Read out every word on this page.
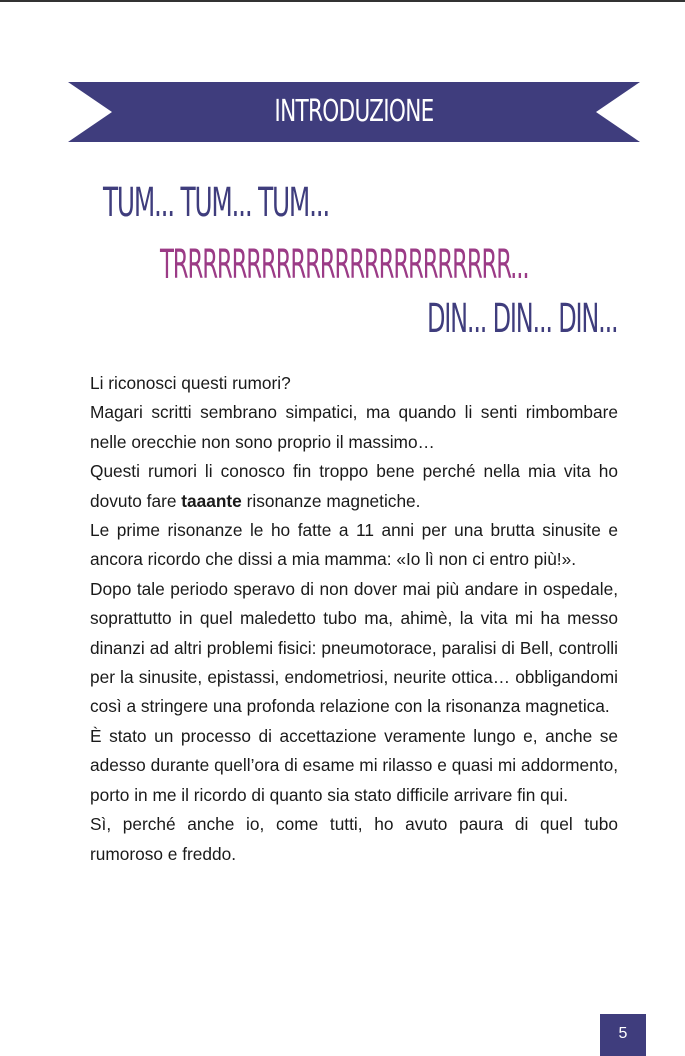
INTRODUZIONE
TUM... TUM... TUM...
TRRRRRRRRRRRRRRRRRRRRRRR...
DIN... DIN... DIN...

Li riconosci questi rumori?

Magari scritti sembrano simpatici, ma quando li senti rimbombare nelle orecchie non sono proprio il massimo…

Questi rumori li conosco fin troppo bene perché nella mia vita ho dovuto fare taaante risonanze magnetiche.

Le prime risonanze le ho fatte a 11 anni per una brutta sinusite e ancora ricordo che dissi a mia mamma: «Io lì non ci entro più!».

Dopo tale periodo speravo di non dover mai più andare in ospedale, soprattutto in quel maledetto tubo ma, ahimè, la vita mi ha messo dinanzi ad altri problemi fisici: pneumotorace, paralisi di Bell, controlli per la sinusite, epistassi, endometriosi, neurite ottica… obbligandomi così a stringere una profonda relazione con la risonanza magnetica.

È stato un processo di accettazione veramente lungo e, anche se adesso durante quell’ora di esame mi rilasso e quasi mi addormento, porto in me il ricordo di quanto sia stato difficile arrivare fin qui.

Sì, perché anche io, come tutti, ho avuto paura di quel tubo rumoroso e freddo.

5
